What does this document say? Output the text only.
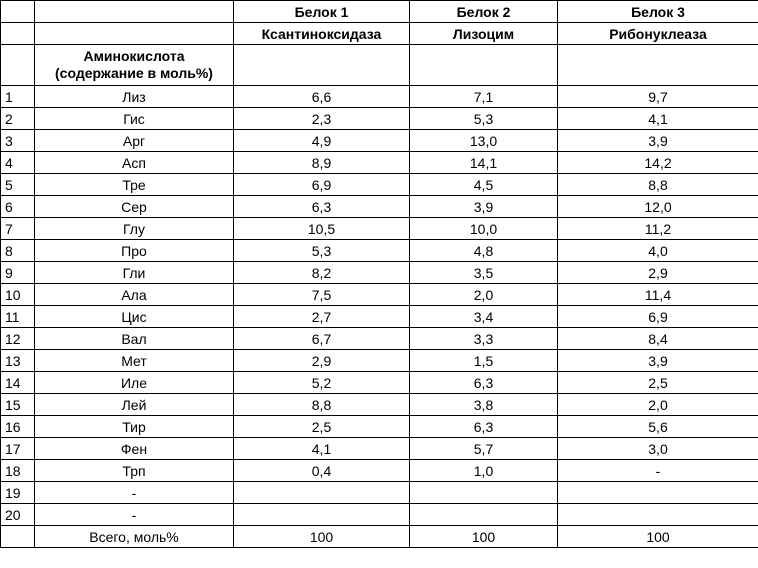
		Белок 1	Белок 2	Белок 3
		Ксантиноксидаза	Лизоцим	Рибонуклеаза
	Аминокислота
(содержание в моль%)			
1	Лиз	6,6	7,1	9,7
2	Гис	2,3	5,3	4,1
3	Арг	4,9	13,0	3,9
4	Асп	8,9	14,1	14,2
5	Тре	6,9	4,5	8,8
6	Сер	6,3	3,9	12,0
7	Глу	10,5	10,0	11,2
8	Про	5,3	4,8	4,0
9	Гли	8,2	3,5	2,9
10	Ала	7,5	2,0	11,4
11	Цис	2,7	3,4	6,9
12	Вал	6,7	3,3	8,4
13	Мет	2,9	1,5	3,9
14	Иле	5,2	6,3	2,5
15	Лей	8,8	3,8	2,0
16	Тир	2,5	6,3	5,6
17	Фен	4,1	5,7	3,0
18	Трп	0,4	1,0	-
19	-			
20	-			
	Всего, моль%	100	100	100
